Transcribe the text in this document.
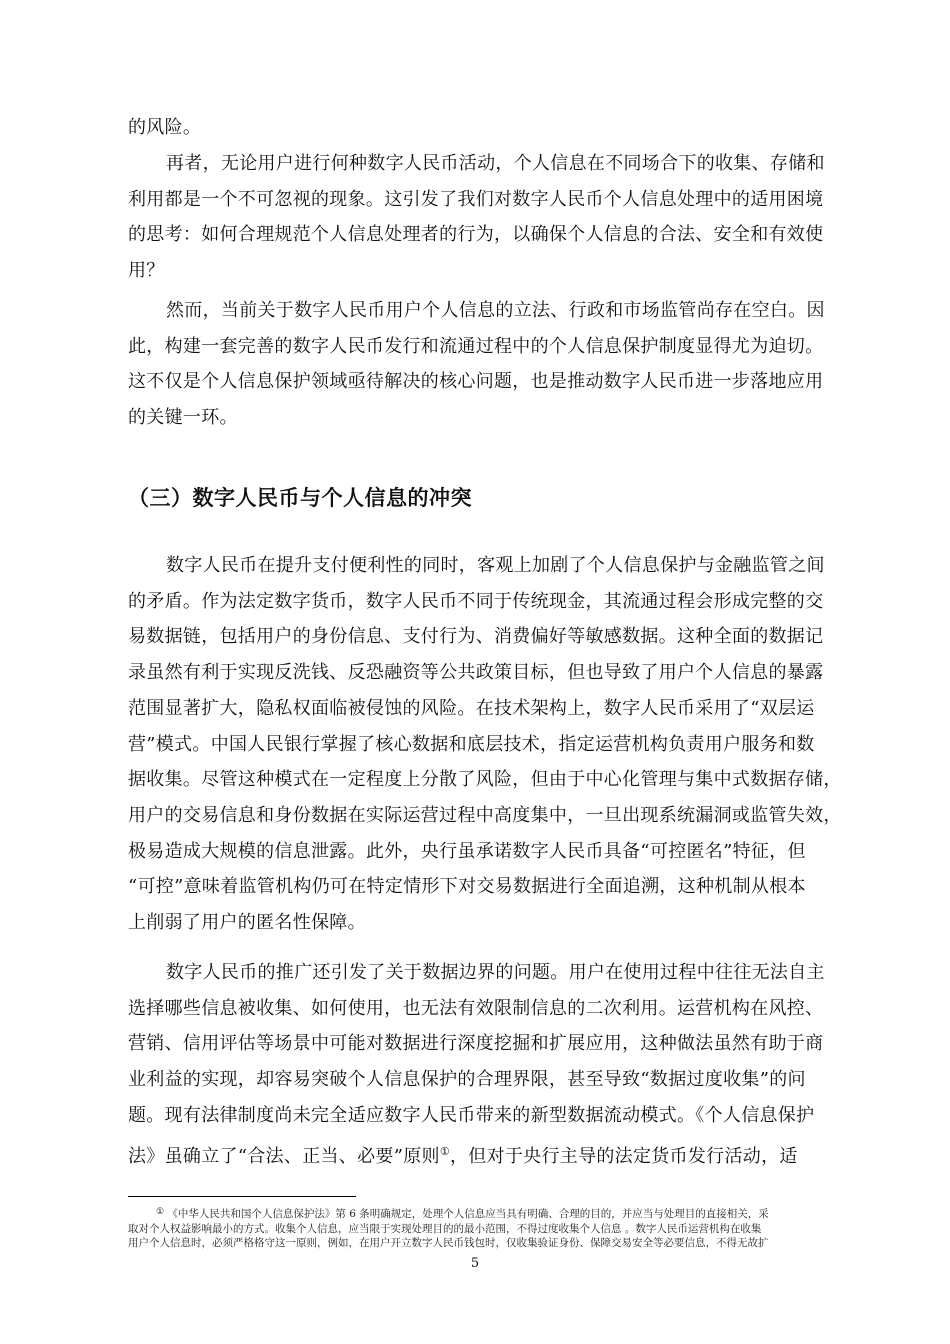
的风险。

再者，无论用户进行何种数字人民币活动，个人信息在不同场合下的收集、存储和
利用都是一个不可忽视的现象。这引发了我们对数字人民币个人信息处理中的适用困境
的思考：如何合理规范个人信息处理者的行为，以确保个人信息的合法、安全和有效使
用？

然而，当前关于数字人民币用户个人信息的立法、行政和市场监管尚存在空白。因
此，构建一套完善的数字人民币发行和流通过程中的个人信息保护制度显得尤为迫切。
这不仅是个人信息保护领域亟待解决的核心问题，也是推动数字人民币进一步落地应用
的关键一环。

（三）数字人民币与个人信息的冲突

数字人民币在提升支付便利性的同时，客观上加剧了个人信息保护与金融监管之间
的矛盾。作为法定数字货币，数字人民币不同于传统现金，其流通过程会形成完整的交
易数据链，包括用户的身份信息、支付行为、消费偏好等敏感数据。这种全面的数据记
录虽然有利于实现反洗钱、反恐融资等公共政策目标，但也导致了用户个人信息的暴露
范围显著扩大，隐私权面临被侵蚀的风险。在技术架构上，数字人民币采用了“双层运
营”模式。中国人民银行掌握了核心数据和底层技术，指定运营机构负责用户服务和数
据收集。尽管这种模式在一定程度上分散了风险，但由于中心化管理与集中式数据存储，
用户的交易信息和身份数据在实际运营过程中高度集中，一旦出现系统漏洞或监管失效，
极易造成大规模的信息泄露。此外，央行虽承诺数字人民币具备“可控匿名”特征，但
“可控”意味着监管机构仍可在特定情形下对交易数据进行全面追溯，这种机制从根本
上削弱了用户的匿名性保障。

数字人民币的推广还引发了关于数据边界的问题。用户在使用过程中往往无法自主
选择哪些信息被收集、如何使用，也无法有效限制信息的二次利用。运营机构在风控、
营销、信用评估等场景中可能对数据进行深度挖掘和扩展应用，这种做法虽然有助于商
业利益的实现，却容易突破个人信息保护的合理界限，甚至导致“数据过度收集”的问
题。现有法律制度尚未完全适应数字人民币带来的新型数据流动模式。《个人信息保护
法》虽确立了“合法、正当、必要”原则①，但对于央行主导的法定货币发行活动，适

① 《中华人民共和国个人信息保护法》第 6 条明确规定，处理个人信息应当具有明确、合理的目的，并应当与处理目的直接相关，采
取对个人权益影响最小的方式。收集个人信息，应当限于实现处理目的的最小范围，不得过度收集个人信息 。数字人民币运营机构在收集
用户个人信息时，必须严格格守这一原则，例如，在用户开立数字人民币钱包时，仅收集验证身份、保障交易安全等必要信息，不得无故扩
5
